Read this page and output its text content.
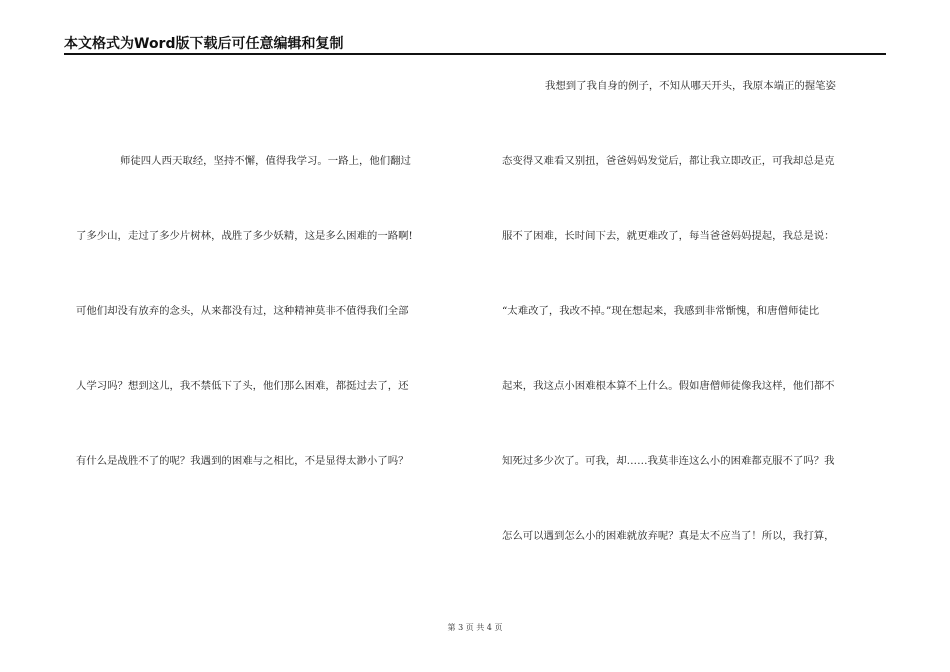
本文格式为Word版下载后可任意编辑和复制
师徒四人西天取经，坚持不懈，值得我学习。一路上，他们翻过
了多少山，走过了多少片树林，战胜了多少妖精，这是多么困难的一路啊!
可他们却没有放弃的念头，从来都没有过，这种精神莫非不值得我们全部
人学习吗？想到这儿，我不禁低下了头，他们那么困难，都挺过去了，还
有什么是战胜不了的呢？我遇到的困难与之相比，不是显得太渺小了吗？
我想到了我自身的例子，不知从哪天开头，我原本端正的握笔姿
态变得又难看又别扭，爸爸妈妈发觉后，都让我立即改正，可我却总是克
服不了困难，长时间下去，就更难改了，每当爸爸妈妈提起，我总是说：
“太难改了，我改不掉。”现在想起来，我感到非常惭愧，和唐僧师徒比
起来，我这点小困难根本算不上什么。假如唐僧师徒像我这样，他们都不
知死过多少次了。可我，却……我莫非连这么小的困难都克服不了吗？我
怎么可以遇到怎么小的困难就放弃呢？真是太不应当了！所以，我打算，
第 3 页 共 4 页
